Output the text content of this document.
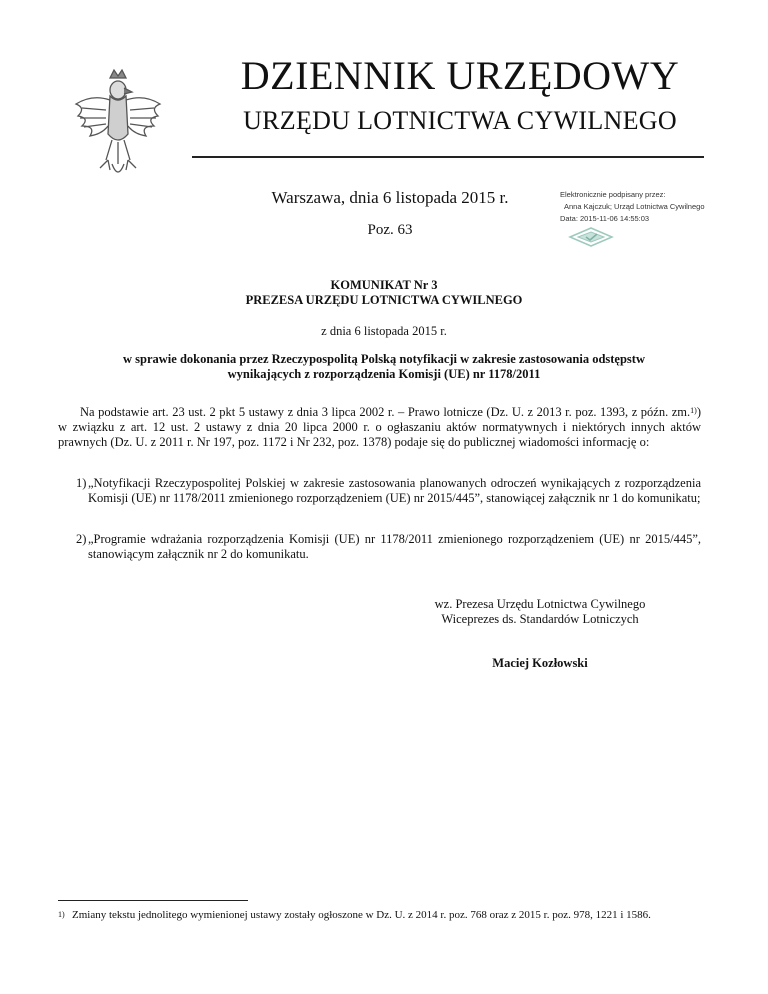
DZIENNIK URZĘDOWY
URZĘDU LOTNICTWA CYWILNEGO
Warszawa, dnia 6 listopada 2015 r.
Poz. 63
Elektronicznie podpisany przez:
Anna Kajczuk; Urząd Lotnictwa Cywilnego
Data: 2015-11-06 14:55:03
KOMUNIKAT Nr 3
PREZESA URZĘDU LOTNICTWA CYWILNEGO
z dnia 6 listopada 2015 r.
w sprawie dokonania przez Rzeczypospolitą Polską notyfikacji w zakresie zastosowania odstępstw
wynikających z rozporządzenia Komisji (UE) nr 1178/2011
Na podstawie art. 23 ust. 2 pkt 5 ustawy z dnia 3 lipca 2002 r. – Prawo lotnicze (Dz. U. z 2013 r. poz. 1393, z późn. zm.$^{1)}$) w związku z art. 12 ust. 2 ustawy z dnia 20 lipca 2000 r. o ogłaszaniu aktów normatywnych i niektórych innych aktów prawnych (Dz. U. z 2011 r. Nr 197, poz. 1172 i Nr 232, poz. 1378) podaje się do publicznej wiadomości informację o:
1) „Notyfikacji Rzeczypospolitej Polskiej w zakresie zastosowania planowanych odroczeń wynikających z rozporządzenia Komisji (UE) nr 1178/2011 zmienionego rozporządzeniem (UE) nr 2015/445”, stanowiącej załącznik nr 1 do komunikatu;
2) „Programie wdrażania rozporządzenia Komisji (UE) nr 1178/2011 zmienionego rozporządzeniem (UE) nr 2015/445”, stanowiącym załącznik nr 2 do komunikatu.
wz. Prezesa Urzędu Lotnictwa Cywilnego
Wiceprezes ds. Standardów Lotniczych
Maciej Kozłowski
1) Zmiany tekstu jednolitego wymienionej ustawy zostały ogłoszone w Dz. U. z 2014 r. poz. 768 oraz z 2015 r. poz. 978, 1221 i 1586.
